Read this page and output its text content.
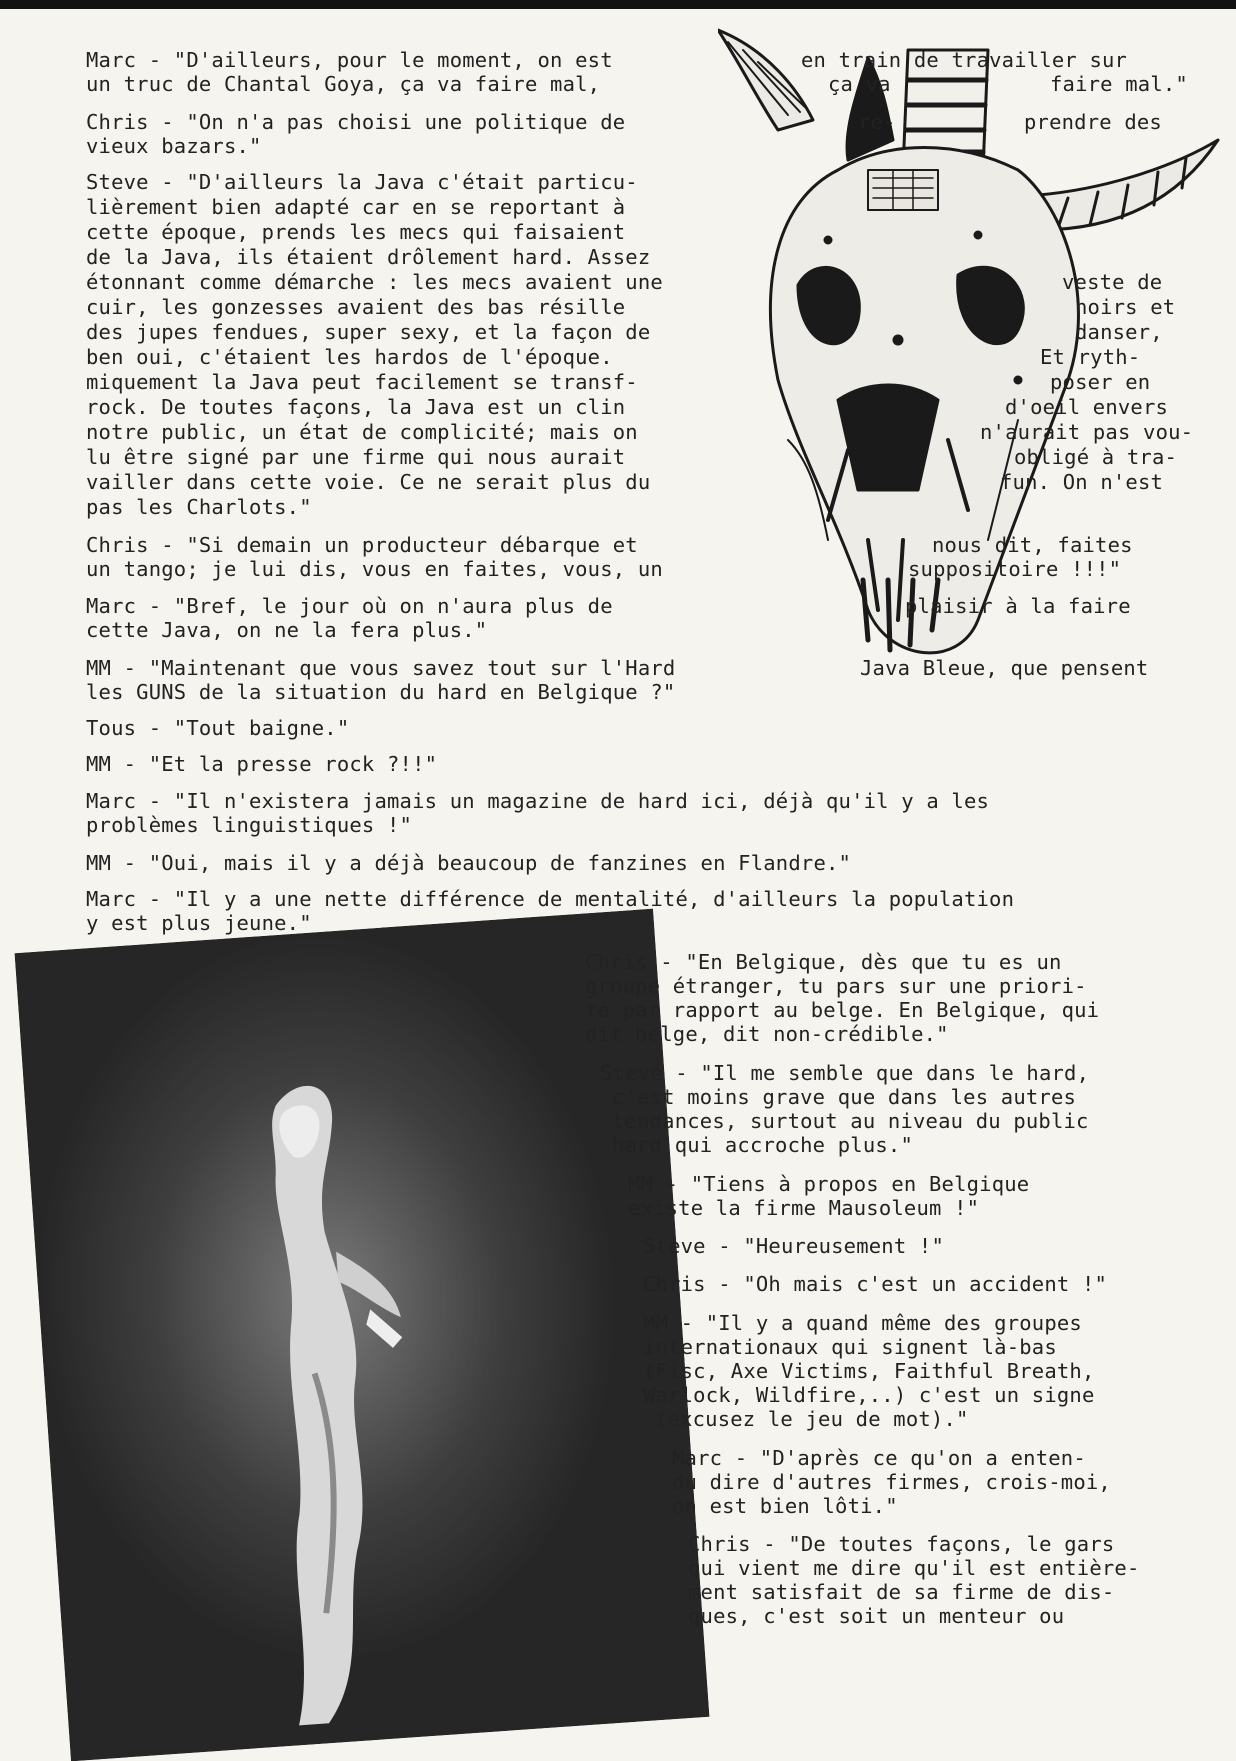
Marc - "D'ailleurs, pour le moment, on est	en train de travailler sur

un truc de Chantal Goya, ça va faire mal,	ça va	faire mal."

Chris - "On n'a pas choisi une politique de	re-	prendre des

vieux bazars."

Steve - "D'ailleurs la Java c'était particu-

lièrement bien adapté car en se reportant à

cette époque, prends les mecs qui faisaient

de la Java, ils étaient drôlement hard. Assez

étonnant comme démarche : les mecs avaient une	veste de

cuir, les gonzesses avaient des bas résille	noirs et

des jupes fendues, super sexy, et la façon de	danser,

ben oui, c'étaient les hardos de l'époque.	Et ryth-

miquement la Java peut facilement se transf-	poser en

rock. De toutes façons, la Java est un clin	d'oeil envers

notre public, un état de complicité; mais on	n'aurait pas vou-

lu être signé par une firme qui nous aurait	obligé à tra-

vailler dans cette voie. Ce ne serait plus du	fun. On n'est

pas les Charlots."

Chris - "Si demain un producteur débarque et	nous dit, faites

un tango; je lui dis, vous en faites, vous, un	suppositoire !!!"

Marc - "Bref, le jour où on n'aura plus de	plaisir à la faire

cette Java, on ne la fera plus."

MM - "Maintenant que vous savez tout sur l'Hard	Java Bleue, que pensent

les GUNS de la situation du hard en Belgique ?"

Tous - "Tout baigne."

MM - "Et la presse rock ?!!"

Marc - "Il n'existera jamais un magazine de hard ici, déjà qu'il y a les

problèmes linguistiques !"

MM - "Oui, mais il y a déjà beaucoup de fanzines en Flandre."

Marc - "Il y a une nette différence de mentalité, d'ailleurs la population

y est plus jeune."

Chris - "En Belgique, dès que tu es un

groupe étranger, tu pars sur une priori-

té par rapport au belge. En Belgique, qui

dit belge, dit non-crédible."

Steve - "Il me semble que dans le hard,

c'est moins grave que dans les autres

tendances, surtout au niveau du public

hard qui accroche plus."

MM - "Tiens à propos en Belgique

existe la firme Mausoleum !"

Steve - "Heureusement !"

Chris - "Oh mais c'est un accident !"

MM - "Il y a quand même des groupes

internationaux qui signent là-bas

(Fisc, Axe Victims, Faithful Breath,

Warlock, Wildfire,..) c'est un signe

(excusez le jeu de mot)."

Marc - "D'après ce qu'on a enten-

du dire d'autres firmes, crois-moi,

on est bien lôti."

Chris - "De toutes façons, le gars

qui vient me dire qu'il est entière-

ment satisfait de sa firme de dis-

ques, c'est soit un menteur ou
